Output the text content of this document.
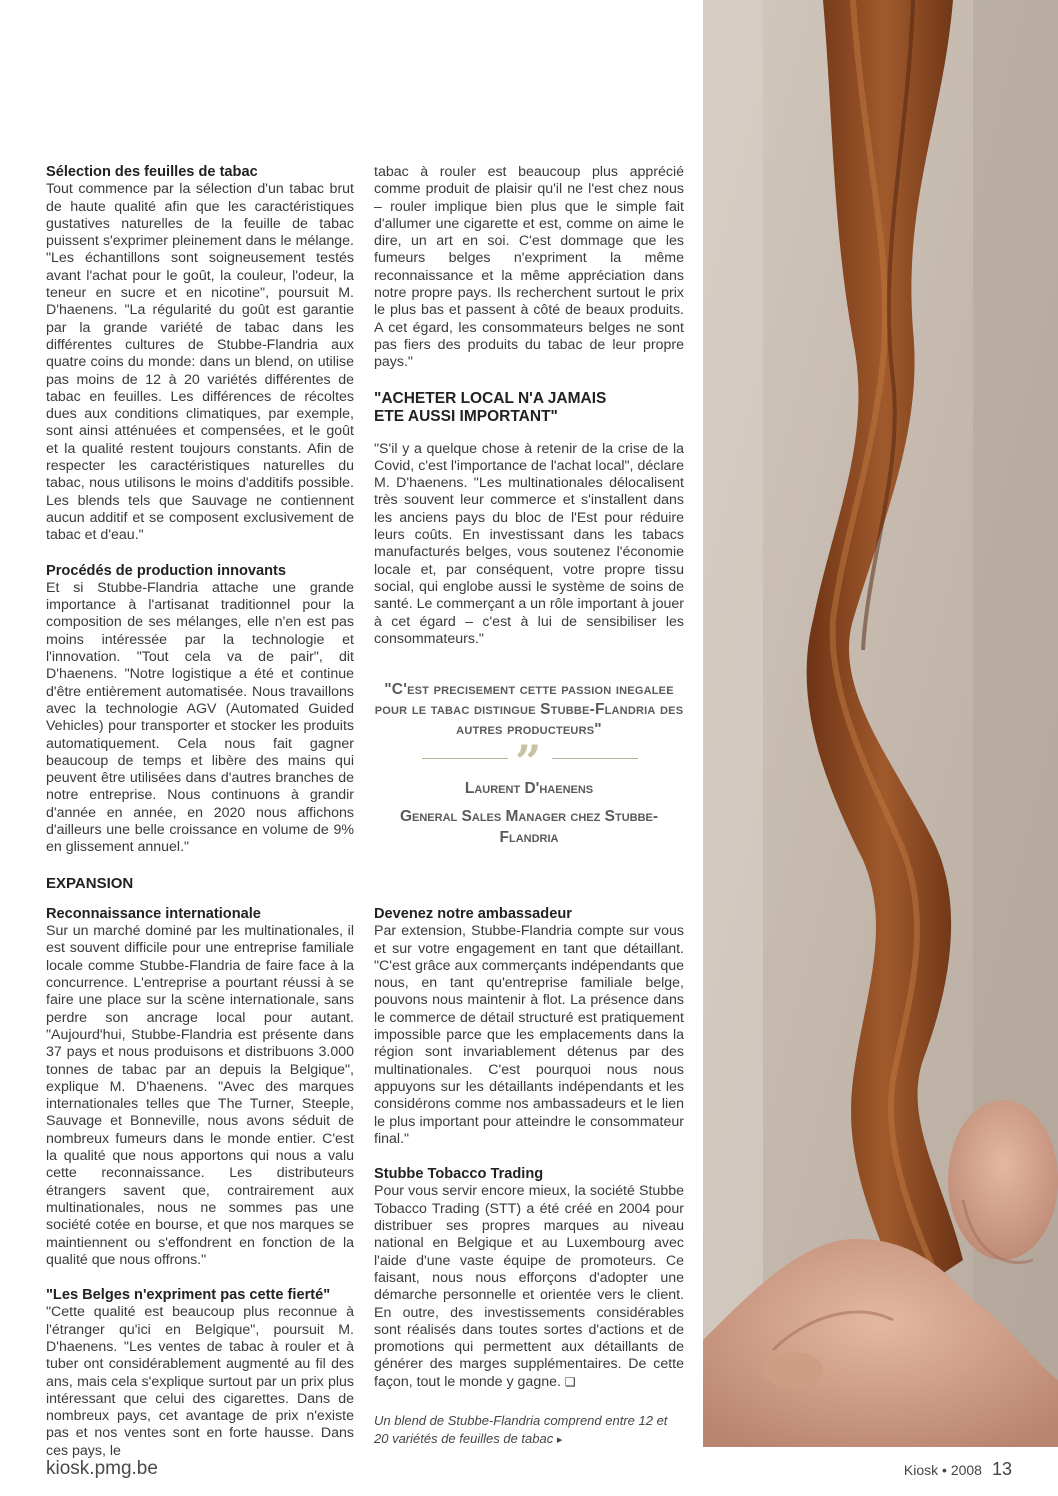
Sélection des feuilles de tabac

Tout commence par la sélection d'un tabac brut de haute qualité afin que les caractéristiques gustatives naturelles de la feuille de tabac puissent s'exprimer pleinement dans le mélange. "Les échantillons sont soigneusement testés avant l'achat pour le goût, la couleur, l'odeur, la teneur en sucre et en nicotine", poursuit M. D'haenens. "La régularité du goût est garantie par la grande variété de tabac dans les différentes cultures de Stubbe-Flandria aux quatre coins du monde: dans un blend, on utilise pas moins de 12 à 20 variétés différentes de tabac en feuilles. Les différences de récoltes dues aux conditions climatiques, par exemple, sont ainsi atténuées et compensées, et le goût et la qualité restent toujours constants. Afin de respecter les caractéristiques naturelles du tabac, nous utilisons le moins d'additifs possible. Les blends tels que Sauvage ne contiennent aucun additif et se composent exclusivement de tabac et d'eau."

Procédés de production innovants

Et si Stubbe-Flandria attache une grande importance à l'artisanat traditionnel pour la composition de ses mélanges, elle n'en est pas moins intéressée par la technologie et l'innovation. "Tout cela va de pair", dit D'haenens. "Notre logistique a été et continue d'être entièrement automatisée. Nous travaillons avec la technologie AGV (Automated Guided Vehicles) pour transporter et stocker les produits automatiquement. Cela nous fait gagner beaucoup de temps et libère des mains qui peuvent être utilisées dans d'autres branches de notre entreprise. Nous continuons à grandir d'année en année, en 2020 nous affichons d'ailleurs une belle croissance en volume de 9% en glissement annuel."

EXPANSION
Reconnaissance internationale

Sur un marché dominé par les multinationales, il est souvent difficile pour une entreprise familiale locale comme Stubbe-Flandria de faire face à la concurrence. L'entreprise a pourtant réussi à se faire une place sur la scène internationale, sans perdre son ancrage local pour autant. "Aujourd'hui, Stubbe-Flandria est présente dans 37 pays et nous produisons et distribuons 3.000 tonnes de tabac par an depuis la Belgique", explique M. D'haenens. "Avec des marques internationales telles que The Turner, Steeple, Sauvage et Bonneville, nous avons séduit de nombreux fumeurs dans le monde entier. C'est la qualité que nous apportons qui nous a valu cette reconnaissance. Les distributeurs étrangers savent que, contrairement aux multinationales, nous ne sommes pas une société cotée en bourse, et que nos marques se maintiennent ou s'effondrent en fonction de la qualité que nous offrons."

"Les Belges n'expriment pas cette fierté"

"Cette qualité est beaucoup plus reconnue à l'étranger qu'ici en Belgique", poursuit M. D'haenens. "Les ventes de tabac à rouler et à tuber ont considérablement augmenté au fil des ans, mais cela s'explique surtout par un prix plus intéressant que celui des cigarettes. Dans de nombreux pays, cet avantage de prix n'existe pas et nos ventes sont en forte hausse. Dans ces pays, le

tabac à rouler est beaucoup plus apprécié comme produit de plaisir qu'il ne l'est chez nous – rouler implique bien plus que le simple fait d'allumer une cigarette et est, comme on aime le dire, un art en soi. C'est dommage que les fumeurs belges n'expriment la même reconnaissance et la même appréciation dans notre propre pays. Ils recherchent surtout le prix le plus bas et passent à côté de beaux produits. A cet égard, les consommateurs belges ne sont pas fiers des produits du tabac de leur propre pays."

"ACHETER LOCAL N'A JAMAIS
ETE AUSSI IMPORTANT"

"S'il y a quelque chose à retenir de la crise de la Covid, c'est l'importance de l'achat local", déclare M. D'haenens. "Les multinationales délocalisent très souvent leur commerce et s'installent dans les anciens pays du bloc de l'Est pour réduire leurs coûts. En investissant dans les tabacs manufacturés belges, vous soutenez l'économie locale et, par conséquent, votre propre tissu social, qui englobe aussi le système de soins de santé. Le commerçant a un rôle important à jouer à cet égard – c'est à lui de sensibiliser les consommateurs."

"C'est precisement cette passion inegalee pour le tabac distingue Stubbe-Flandria des autres producteurs"
”
Laurent D'haenens
General Sales Manager chez Stubbe-Flandria
Devenez notre ambassadeur

Par extension, Stubbe-Flandria compte sur vous et sur votre engagement en tant que détaillant. "C'est grâce aux commerçants indépendants que nous, en tant qu'entreprise familiale belge, pouvons nous maintenir à flot. La présence dans le commerce de détail structuré est pratiquement impossible parce que les emplacements dans la région sont invariablement détenus par des multinationales. C'est pourquoi nous nous appuyons sur les détaillants indépendants et les considérons comme nos ambassadeurs et le lien le plus important pour atteindre le consommateur final."

Stubbe Tobacco Trading

Pour vous servir encore mieux, la société Stubbe Tobacco Trading (STT) a été créé en 2004 pour distribuer ses propres marques au niveau national en Belgique et au Luxembourg avec l'aide d'une vaste équipe de promoteurs. Ce faisant, nous nous efforçons d'adopter une démarche personnelle et orientée vers le client. En outre, des investissements considérables sont réalisés dans toutes sortes d'actions et de promotions qui permettent aux détaillants de générer des marges supplémentaires. De cette façon, tout le monde y gagne. ❑

Un blend de Stubbe-Flandria comprend entre 12 et 20 variétés de feuilles de tabac ▸
kiosk.pmg.be	Kiosk • 2008 13
